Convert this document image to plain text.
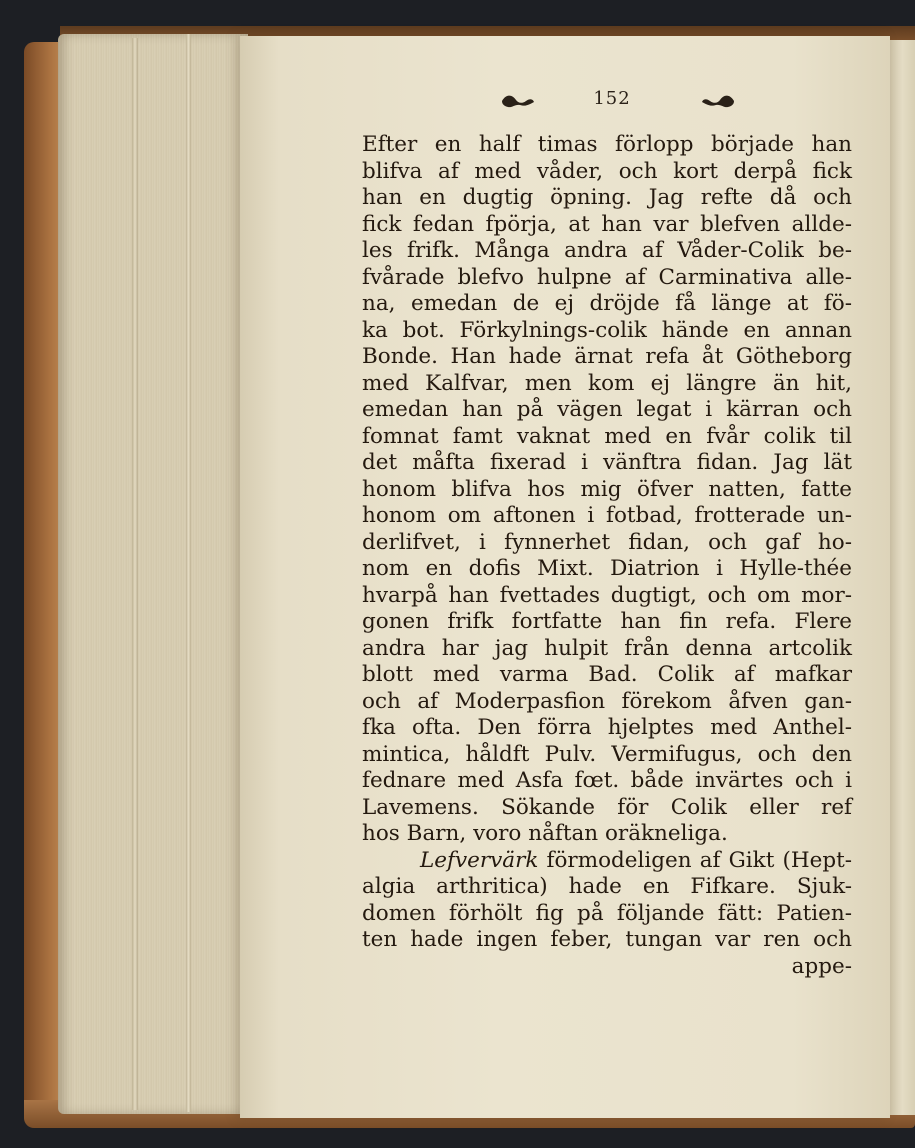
152
Efter en half timas förlopp började han
blifva af med våder, och kort derpå fick
han en dugtig öpning. Jag refte då och
fick fedan fpörja, at han var blefven allde-
les frifk. Många andra af Våder-Colik be-
fvårade blefvo hulpne af Carminativa alle-
na, emedan de ej dröjde få länge at fö-
ka bot. Förkylnings-colik hände en annan
Bonde. Han hade ärnat refa åt Götheborg
med Kalfvar, men kom ej längre än hit,
emedan han på vägen legat i kärran och
fomnat famt vaknat med en fvår colik til
det måfta fixerad i vänftra fidan. Jag lät
honom blifva hos mig öfver natten, fatte
honom om aftonen i fotbad, frotterade un-
derlifvet, i fynnerhet fidan, och gaf ho-
nom en dofis Mixt. Diatrion i Hylle-thée
hvarpå han fvettades dugtigt, och om mor-
gonen frifk fortfatte han fin refa. Flere
andra har jag hulpit från denna artcolik
blott med varma Bad. Colik af mafkar
och af Moderpasfion förekom åfven gan-
fka ofta. Den förra hjelptes med Anthel-
mintica, håldft Pulv. Vermifugus, och den
fednare med Asfa fœt. både invärtes och i
Lavemens. Sökande för Colik eller ref
hos Barn, voro nåftan oräkneliga.
Lefvervärk förmodeligen af Gikt (Hept-
algia arthritica) hade en Fifkare. Sjuk-
domen förhölt fig på följande fätt: Patien-
ten hade ingen feber, tungan var ren och
appe-
